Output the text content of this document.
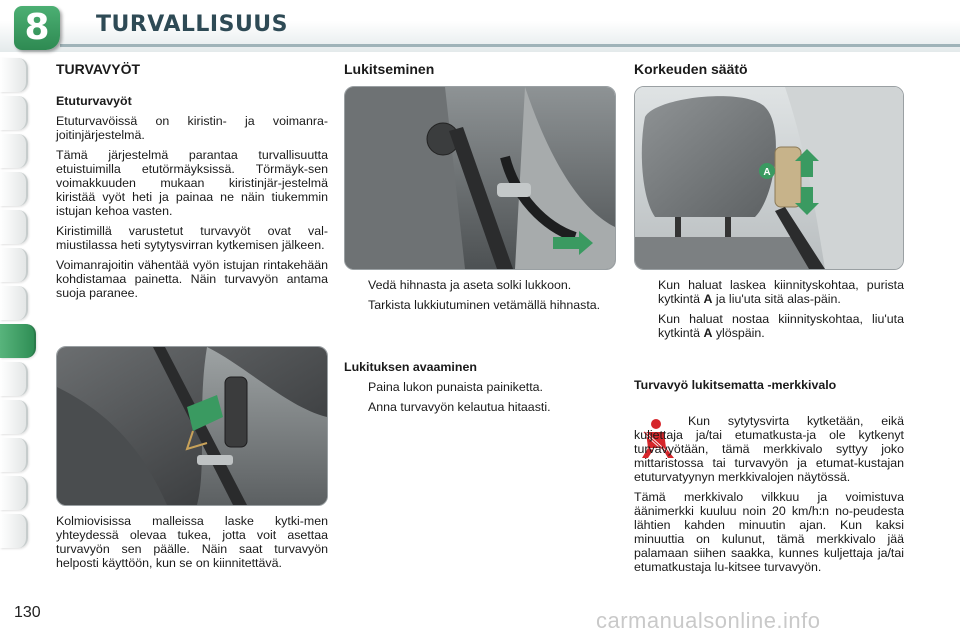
8	TURVALLISUUS
TURVAVYÖT
Etuturvavyöt

Etuturvavöissä on kiristin- ja voimanra-joitinjärjestelmä.

Tämä järjestelmä parantaa turvallisuutta etuistuimilla etutörmäyksissä. Törmäyk-sen voimakkuuden mukaan kiristinjär-jestelmä kiristää vyöt heti ja painaa ne näin tiukemmin istujan kehoa vasten.

Kiristimillä varustetut turvavyöt ovat val-miustilassa heti sytytysvirran kytkemisen jälkeen.

Voimanrajoitin vähentää vyön istujan rintakehään kohdistamaa painetta. Näin turvavyön antama suoja paranee.

Kolmiovisissa malleissa laske kytki-men yhteydessä olevaa tukea, jotta voit asettaa turvavyön sen päälle. Näin saat turvavyön helposti käyttöön, kun se on kiinnitettävä.

Lukitseminen
Vedä hihnasta ja aseta solki lukkoon.
Tarkista lukkiutuminen vetämällä hihnasta.
Lukituksen avaaminen
Paina lukon punaista painiketta.
Anna turvavyön kelautua hitaasti.
Korkeuden säätö
A
Kun haluat laskea kiinnityskohtaa, purista kytkintä A ja liu'uta sitä alas-päin.
Kun haluat nostaa kiinnityskohtaa, liu'uta kytkintä A ylöspäin.
Turvavyö lukitsematta -merkkivalo

Kun sytytysvirta kytketään, eikä kuljettaja ja/tai etumatkusta-ja ole kytkenyt turvavyötään, tämä merkkivalo syttyy joko mittaristossa tai turvavyön ja etumat-kustajan etuturvatyynyn merkkivalojen näytössä.

Tämä merkkivalo vilkkuu ja voimistuva äänimerkki kuuluu noin 20 km/h:n no-peudesta lähtien kahden minuutin ajan. Kun kaksi minuuttia on kulunut, tämä merkkivalo jää palamaan siihen saakka, kunnes kuljettaja ja/tai etumatkustaja lu-kitsee turvavyön.

130	carmanualsonline.info
